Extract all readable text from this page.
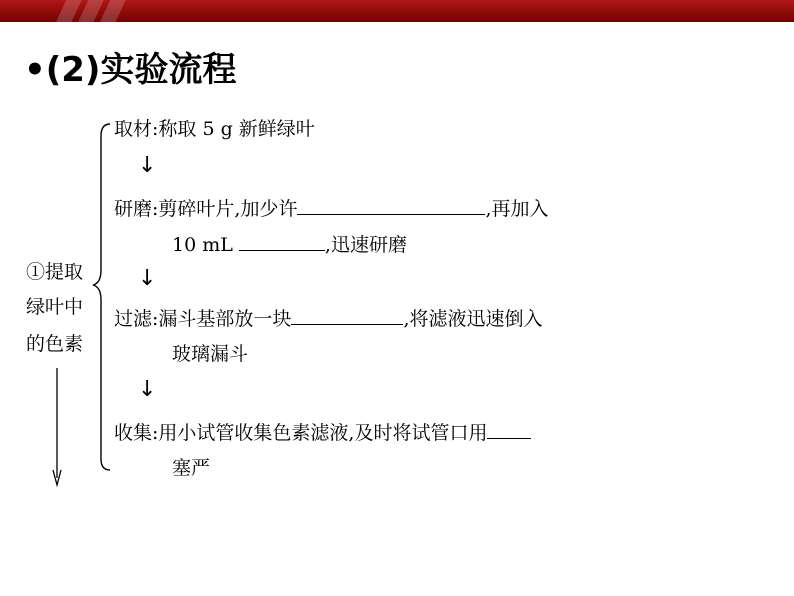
•(2)实验流程
①提取
绿叶中
的色素
取材:称取 5 g 新鲜绿叶
↓
研磨:剪碎叶片,加少许	,再加入
10 mL	,迅速研磨
↓
过滤:漏斗基部放一块	,将滤液迅速倒入
玻璃漏斗
↓
收集:用小试管收集色素滤液,及时将试管口用
塞严
